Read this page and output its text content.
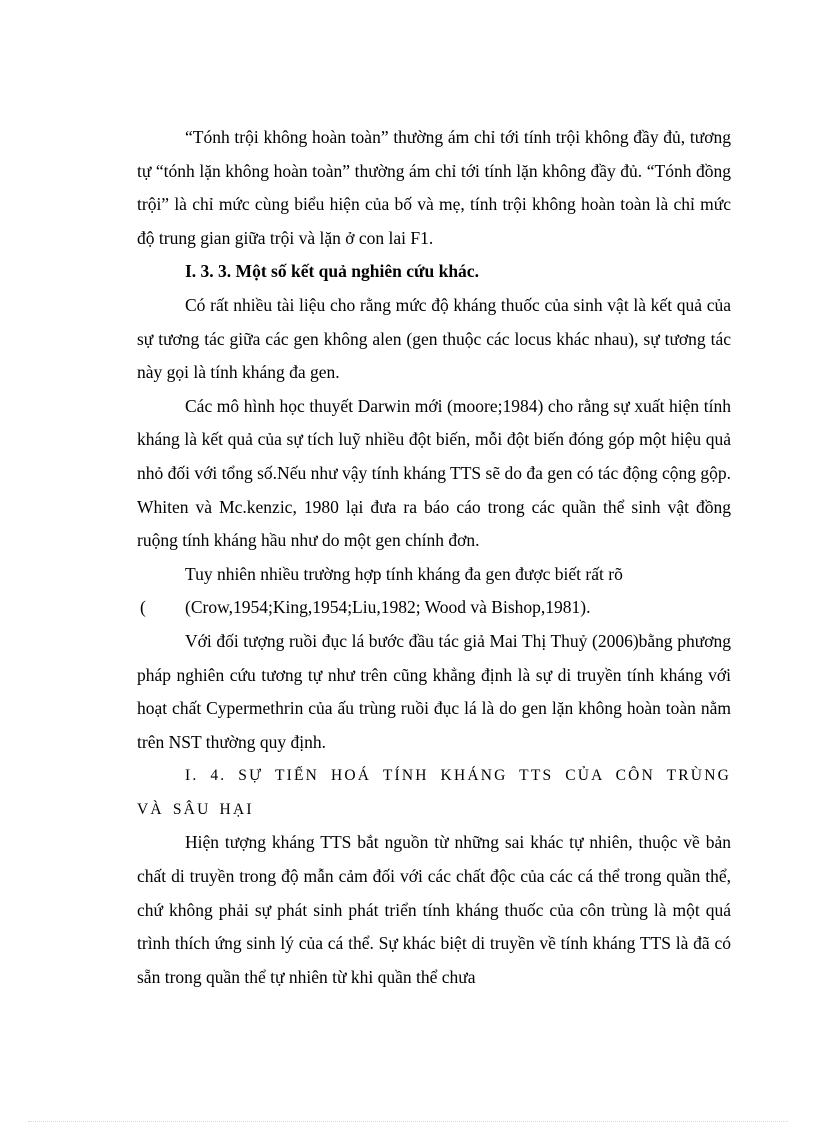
“Tónh trội không hoàn toàn” thường ám chỉ tới tính trội không đầy đủ, tương tự “tónh lặn không hoàn toàn” thường ám chỉ tới tính lặn không đầy đủ. “Tónh đồng trội” là chỉ mức cùng biểu hiện của bố và mẹ, tính trội không hoàn toàn là chỉ mức độ trung gian giữa trội và lặn ở con lai F1.

I. 3. 3. Một số kết quả nghiên cứu khác.

Có rất nhiều tài liệu cho rằng mức độ kháng thuốc của sinh vật là kết quả của sự tương tác giữa các gen không alen (gen thuộc các locus khác nhau), sự tương tác này gọi là tính kháng đa gen.

Các mô hình học thuyết Darwin mới (moore;1984) cho rằng sự xuất hiện tính kháng là kết quả của sự tích luỹ nhiều đột biến, mỗi đột biến đóng góp một hiệu quả nhỏ đối với tổng số.Nếu như vậy tính kháng TTS sẽ do đa gen có tác động cộng gộp. Whiten và Mc.kenzic, 1980 lại đưa ra báo cáo trong các quần thể sinh vật đồng ruộng tính kháng hầu như do một gen chính đơn.

Tuy nhiên nhiều trường hợp tính kháng đa gen được biết rất rõ

( (Crow,1954;King,1954;Liu,1982; Wood và Bishop,1981).

Với đối tượng ruồi đục lá bước đầu tác giả Mai Thị Thuỷ (2006)bằng phương pháp nghiên cứu tương tự như trên cũng khẳng định là sự di truyền tính kháng với hoạt chất Cypermethrin của ấu trùng ruồi đục lá là do gen lặn không hoàn toàn nằm trên NST thường quy định.

I. 4. SỰ TIẾN HOÁ TÍNH KHÁNG TTS CỦA CÔN TRÙNG VÀ SÂU HẠI

Hiện tượng kháng TTS bắt nguồn từ những sai khác tự nhiên, thuộc về bản chất di truyền trong độ mẫn cảm đối với các chất độc của các cá thể trong quần thể, chứ không phải sự phát sinh phát triển tính kháng thuốc của côn trùng là một quá trình thích ứng sinh lý của cá thể. Sự khác biệt di truyền về tính kháng TTS là đã có sẵn trong quần thể tự nhiên từ khi quần thể chưa
